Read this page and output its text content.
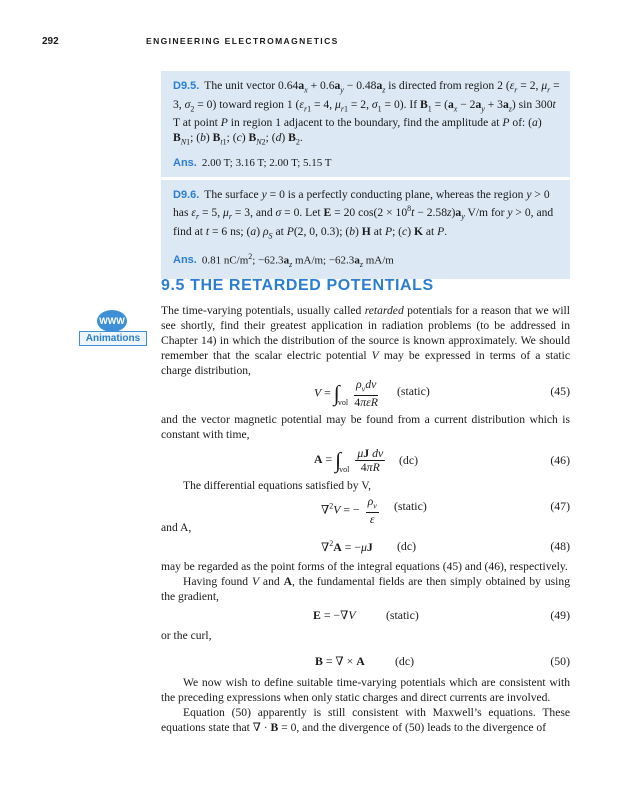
292	ENGINEERING ELECTROMAGNETICS
D9.5. The unit vector $0.64a_x + 0.6a_y - 0.48a_z$ is directed from region 2 ($\varepsilon_r = 2$, $\mu_r = 3$, $\sigma_2 = 0$) toward region 1 ($\varepsilon_{r1} = 4$, $\mu_{r1} = 2$, $\sigma_1 = 0$). If $B_1 = (a_x - 2a_y + 3a_z)$ sin 300t T at point P in region 1 adjacent to the boundary, find the amplitude at P of: (a) $B_{N1}$; (b) $B_{t1}$; (c) $B_{N2}$; (d) $B_2$.
Ans. 2.00 T; 3.16 T; 2.00 T; 5.15 T
D9.6. The surface y = 0 is a perfectly conducting plane, whereas the region y > 0 has $\varepsilon_r = 5$, $\mu_r = 3$, and σ = 0. Let E = 20 $\cos(2 \times 10^8t - 2.58z)a_y$ V/m for y > 0, and find at t = 6 ns; (a) $\rho_S$ at P(2, 0, 0.3); (b) H at P; (c) K at P.
Ans. 0.81 $nC/m^2$; $-62.3a_z$ mA/m; $-62.3a_z$ mA/m
9.5 THE RETARDED POTENTIALS
WWW
Animations
The time-varying potentials, usually called retarded potentials for a reason that we will see shortly, find their greatest application in radiation problems (to be addressed in Chapter 14) in which the distribution of the source is known approximately. We should remember that the scalar electric potential V may be expressed in terms of a static charge distribution,
$V = \int_{vol} \frac{\rho_vdv}{\text{4πεR}}$ (static)	(45)
and the vector magnetic potential may be found from a current distribution which is constant with time,
$A = \int_{vol} \frac{\text{μJ dv}}{4\pi R} (dc)$	(46)
The differential equations satisfied by V,
∇$^2$V = − $\frac{\rho_v}{\varepsilon}$ (static)	(47)
and A,
∇$^2$A = −μJ (dc)	(48)
may be regarded as the point forms of the integral equations (45) and (46), respectively.
Having found V and A, the fundamental fields are then simply obtained by using the gradient,
E = −∇V	(static)	(49)
or the curl,
B = ∇ × A	(dc)	(50)
We now wish to define suitable time-varying potentials which are consistent with the preceding expressions when only static charges and direct currents are involved.
Equation (50) apparently is still consistent with Maxwell’s equations. These equations state that ∇ · B = 0, and the divergence of (50) leads to the divergence of
